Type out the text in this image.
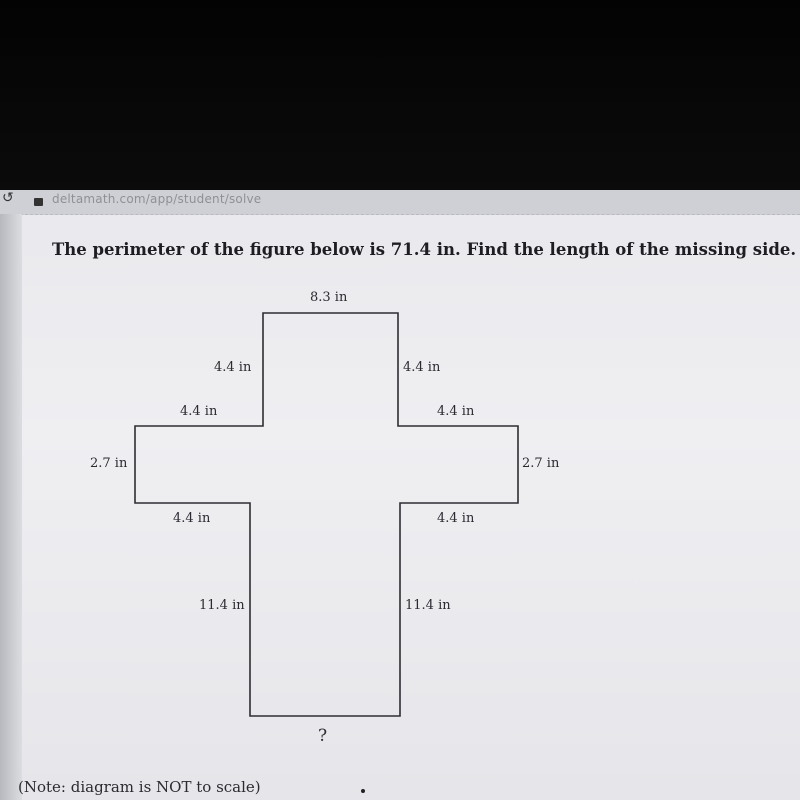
↺	deltamath.com/app/student/solve

The perimeter of the figure below is 71.4 in. Find the length of the missing side.

8.3 in
4.4 in	4.4 in
4.4 in	4.4 in
2.7 in	2.7 in
4.4 in	4.4 in
11.4 in	11.4 in
?
(Note: diagram is NOT to scale)
